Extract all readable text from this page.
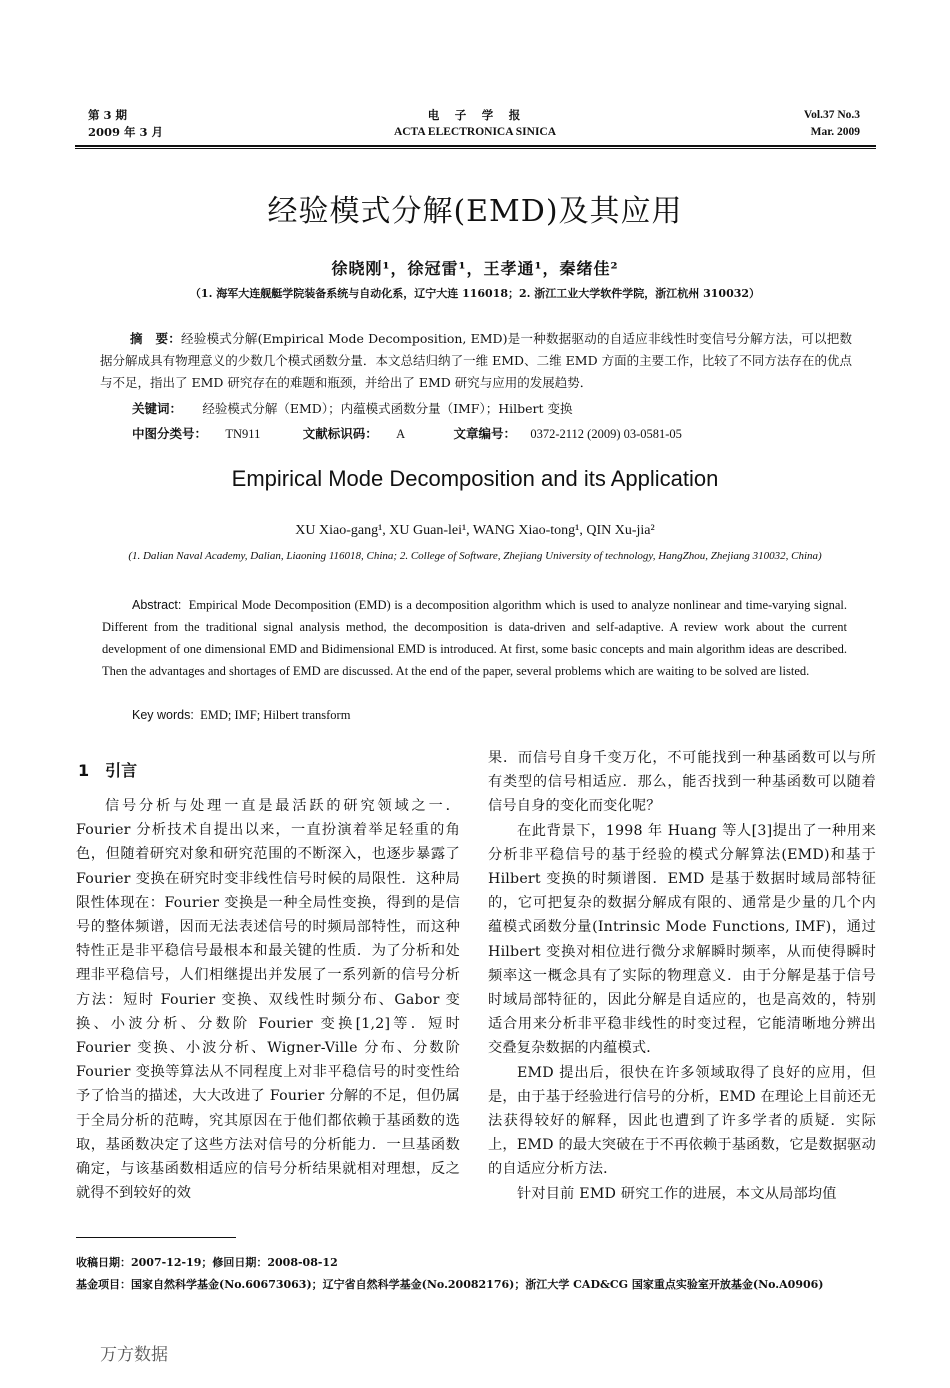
第 3 期
2009 年 3 月
电　子　学　报
ACTA ELECTRONICA SINICA
Vol.37 No.3
Mar. 2009
经验模式分解(EMD)及其应用
徐晓刚¹，徐冠雷¹，王孝通¹，秦绪佳²
（1. 海军大连舰艇学院装备系统与自动化系，辽宁大连 116018；2. 浙江工业大学软件学院，浙江杭州 310032）
摘　要：经验模式分解(Empirical Mode Decomposition, EMD)是一种数据驱动的自适应非线性时变信号分解方法，可以把数据分解成具有物理意义的少数几个模式函数分量．本文总结归纳了一维 EMD、二维 EMD 方面的主要工作，比较了不同方法存在的优点与不足，指出了 EMD 研究存在的难题和瓶颈，并给出了 EMD 研究与应用的发展趋势．
关键词： 经验模式分解（EMD）；内蕴模式函数分量（IMF）；Hilbert 变换
中图分类号： TN911	文献标识码： A	文章编号： 0372-2112 (2009) 03-0581-05
Empirical Mode Decomposition and its Application
XU Xiao-gang¹, XU Guan-lei¹, WANG Xiao-tong¹, QIN Xu-jia²
(1. Dalian Naval Academy, Dalian, Liaoning 116018, China; 2. College of Software, Zhejiang University of technology, HangZhou, Zhejiang 310032, China)
Abstract: Empirical Mode Decomposition (EMD) is a decomposition algorithm which is used to analyze nonlinear and time-varying signal. Different from the traditional signal analysis method, the decomposition is data-driven and self-adaptive. A review work about the current development of one dimensional EMD and Bidimensional EMD is introduced. At first, some basic concepts and main algorithm ideas are described. Then the advantages and shortages of EMD are discussed. At the end of the paper, several problems which are waiting to be solved are listed.
Key words: EMD; IMF; Hilbert transform
1　引言

信号分析与处理一直是最活跃的研究领域之一．Fourier 分析技术自提出以来，一直扮演着举足轻重的角色，但随着研究对象和研究范围的不断深入，也逐步暴露了 Fourier 变换在研究时变非线性信号时候的局限性．这种局限性体现在：Fourier 变换是一种全局性变换，得到的是信号的整体频谱，因而无法表述信号的时频局部特性，而这种特性正是非平稳信号最根本和最关键的性质．为了分析和处理非平稳信号，人们相继提出并发展了一系列新的信号分析方法：短时 Fourier 变换、双线性时频分布、Gabor 变换、小波分析、分数阶 Fourier 变换[1,2]等．短时 Fourier 变换、小波分析、Wigner-Ville 分布、分数阶 Fourier 变换等算法从不同程度上对非平稳信号的时变性给予了恰当的描述，大大改进了 Fourier 分解的不足，但仍属于全局分析的范畴，究其原因在于他们都依赖于基函数的选取，基函数决定了这些方法对信号的分析能力．一旦基函数确定，与该基函数相适应的信号分析结果就相对理想，反之就得不到较好的效

果．而信号自身千变万化，不可能找到一种基函数可以与所有类型的信号相适应．那么，能否找到一种基函数可以随着信号自身的变化而变化呢？

在此背景下，1998 年 Huang 等人[3]提出了一种用来分析非平稳信号的基于经验的模式分解算法(EMD)和基于 Hilbert 变换的时频谱图．EMD 是基于数据时域局部特征的，它可把复杂的数据分解成有限的、通常是少量的几个内蕴模式函数分量(Intrinsic Mode Functions, IMF)，通过 Hilbert 变换对相位进行微分求解瞬时频率，从而使得瞬时频率这一概念具有了实际的物理意义．由于分解是基于信号时域局部特征的，因此分解是自适应的，也是高效的，特别适合用来分析非平稳非线性的时变过程，它能清晰地分辨出交叠复杂数据的内蕴模式．

EMD 提出后，很快在许多领域取得了良好的应用，但是，由于基于经验进行信号的分析，EMD 在理论上目前还无法获得较好的解释，因此也遭到了许多学者的质疑．实际上，EMD 的最大突破在于不再依赖于基函数，它是数据驱动的自适应分析方法．

针对目前 EMD 研究工作的进展，本文从局部均值

收稿日期：2007-12-19；修回日期：2008-08-12
基金项目：国家自然科学基金(No.60673063)；辽宁省自然科学基金(No.20082176)；浙江大学 CAD&CG 国家重点实验室开放基金(No.A0906)
万方数据
